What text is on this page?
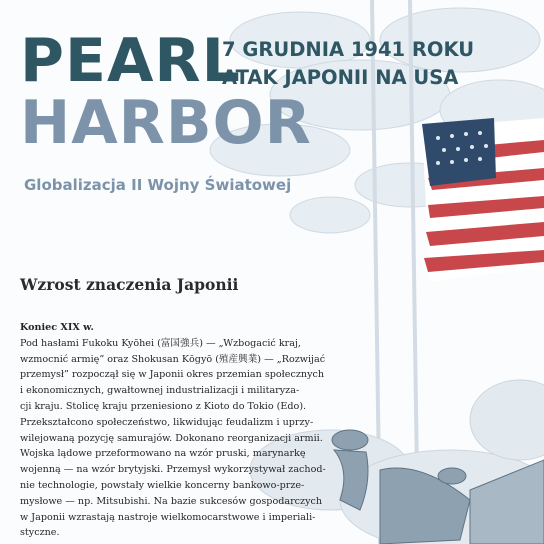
PEARL
HARBOR
7 GRUDNIA 1941 ROKU
ATAK JAPONII NA USA
Globalizacja II Wojny Światowej
Wzrost znaczenia Japonii
Koniec XIX w.
Pod hasłami Fukoku Kyōhei (富国強兵) — „Wzbogacić kraj,
wzmocnić armię” oraz Shokusan Kōgyō (殖産興業) — „Rozwijać
przemysł” rozpoczął się w Japonii okres przemian społecznych
i ekonomicznych, gwałtownej industrializacji i militaryza-
cji kraju. Stolicę kraju przeniesiono z Kioto do Tokio (Edo).
Przekształcono społeczeństwo, likwidując feudalizm i uprzy-
wilejowaną pozycję samurajów. Dokonano reorganizacji armii.
Wojska lądowe przeformowano na wzór pruski, marynarkę
wojenną — na wzór brytyjski. Przemysł wykorzystywał zachod-
nie technologie, powstały wielkie koncerny bankowo-prze-
mysłowe — np. Mitsubishi. Na bazie sukcesów gospodarczych
w Japonii wzrastają nastroje wielkomocarstwowe i imperiali-
styczne.
